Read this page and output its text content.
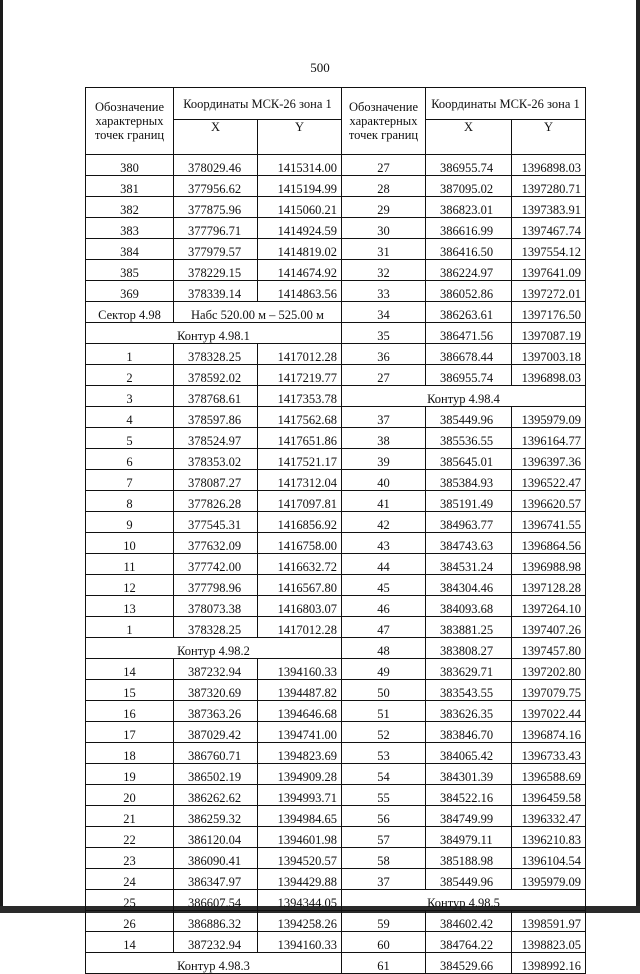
500
Обозначение характерных точек границ	Координаты МСК-26 зона 1	
	X	Y
380	378029.46	1415314.00
381	377956.62	1415194.99
382	377875.96	1415060.21
383	377796.71	1414924.59
384	377979.57	1414819.02
385	378229.15	1414674.92
369	378339.14	1414863.56
Сектор 4.98	Набс 520.00 м – 525.00 м	
Контур 4.98.1		
1	378328.25	1417012.28
2	378592.02	1417219.77
3	378768.61	1417353.78
4	378597.86	1417562.68
5	378524.97	1417651.86
6	378353.02	1417521.17
7	378087.27	1417312.04
8	377826.28	1417097.81
9	377545.31	1416856.92
10	377632.09	1416758.00
11	377742.00	1416632.72
12	377798.96	1416567.80
13	378073.38	1416803.07
1	378328.25	1417012.28
Контур 4.98.2		
14	387232.94	1394160.33
15	387320.69	1394487.82
16	387363.26	1394646.68
17	387029.42	1394741.00
18	386760.71	1394823.69
19	386502.19	1394909.28
20	386262.62	1394993.71
21	386259.32	1394984.65
22	386120.04	1394601.98
23	386090.41	1394520.57
24	386347.97	1394429.88
25	386607.54	1394344.05
26	386886.32	1394258.26
14	387232.94	1394160.33
Контур 4.98.3		
Обозначение характерных точек границ	Координаты МСК-26 зона 1	
	X	Y
27	386955.74	1396898.03
28	387095.02	1397280.71
29	386823.01	1397383.91
30	386616.99	1397467.74
31	386416.50	1397554.12
32	386224.97	1397641.09
33	386052.86	1397272.01
34	386263.61	1397176.50
35	386471.56	1397087.19
36	386678.44	1397003.18
27	386955.74	1396898.03
Контур 4.98.4		
37	385449.96	1395979.09
38	385536.55	1396164.77
39	385645.01	1396397.36
40	385384.93	1396522.47
41	385191.49	1396620.57
42	384963.77	1396741.55
43	384743.63	1396864.56
44	384531.24	1396988.98
45	384304.46	1397128.28
46	384093.68	1397264.10
47	383881.25	1397407.26
48	383808.27	1397457.80
49	383629.71	1397202.80
50	383543.55	1397079.75
51	383626.35	1397022.44
52	383846.70	1396874.16
53	384065.42	1396733.43
54	384301.39	1396588.69
55	384522.16	1396459.58
56	384749.99	1396332.47
57	384979.11	1396210.83
58	385188.98	1396104.54
37	385449.96	1395979.09
Контур 4.98.5		
59	384602.42	1398591.97
60	384764.22	1398823.05
61	384529.66	1398992.16
